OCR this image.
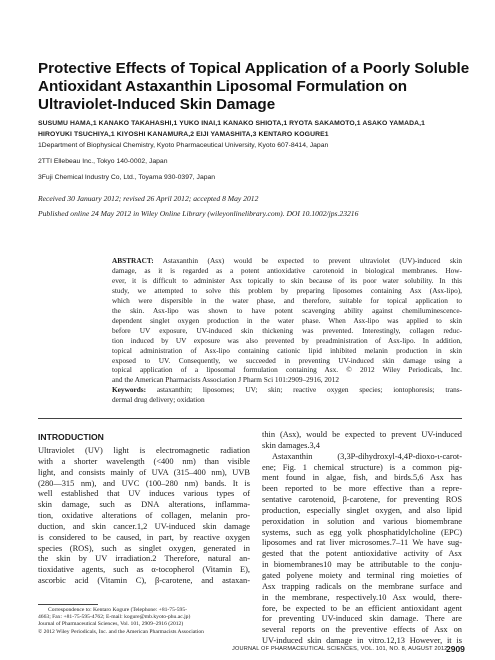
Protective Effects of Topical Application of a Poorly Soluble
Antioxidant Astaxanthin Liposomal Formulation on
Ultraviolet-Induced Skin Damage
SUSUMU HAMA,1 KANAKO TAKAHASHI,1 YUKO INAI,1 KANAKO SHIOTA,1 RYOTA SAKAMOTO,1 ASAKO YAMADA,1
HIROYUKI TSUCHIYA,1 KIYOSHI KANAMURA,2 EIJI YAMASHITA,3 KENTARO KOGURE1
1Department of Biophysical Chemistry, Kyoto Pharmaceutical University, Kyoto 607-8414, Japan
2TTI Ellebeau Inc., Tokyo 140-0002, Japan
3Fuji Chemical Industry Co, Ltd., Toyama 930-0397, Japan
Received 30 January 2012; revised 26 April 2012; accepted 8 May 2012
Published online 24 May 2012 in Wiley Online Library (wileyonlinelibrary.com). DOI 10.1002/jps.23216
ABSTRACT: Astaxanthin (Asx) would be expected to prevent ultraviolet (UV)-induced skin
damage, as it is regarded as a potent antioxidative carotenoid in biological membranes. How-
ever, it is difficult to administer Asx topically to skin because of its poor water solubility. In this
study, we attempted to solve this problem by preparing liposomes containing Asx (Asx-lipo),
which were dispersible in the water phase, and therefore, suitable for topical application to
the skin. Asx-lipo was shown to have potent scavenging ability against chemiluminescence-
dependent singlet oxygen production in the water phase. When Asx-lipo was applied to skin
before UV exposure, UV-induced skin thickening was prevented. Interestingly, collagen reduc-
tion induced by UV exposure was also prevented by preadministration of Asx-lipo. In addition,
topical administration of Asx-lipo containing cationic lipid inhibited melanin production in skin
exposed to UV. Consequently, we succeeded in preventing UV-induced skin damage using a
topical application of a liposomal formulation containing Asx. © 2012 Wiley Periodicals, Inc.
and the American Pharmacists Association J Pharm Sci 101:2909–2916, 2012
Keywords: astaxanthin; liposomes; UV; skin; reactive oxygen species; iontophoresis; trans-
dermal drug delivery; oxidation
INTRODUCTION
Ultraviolet (UV) light is electromagnetic radiation
with a shorter wavelength (<400 nm) than visible
light, and consists mainly of UVA (315–400 nm), UVB
(280—315 nm), and UVC (100–280 nm) bands. It is
well established that UV induces various types of
skin damage, such as DNA alterations, inflamma-
tion, oxidative alterations of collagen, melanin pro-
duction, and skin cancer.1,2 UV-induced skin damage
is considered to be caused, in part, by reactive oxygen
species (ROS), such as singlet oxygen, generated in
the skin by UV irradiation.2 Therefore, natural an-
tioxidative agents, such as α-tocopherol (Vitamin E),
ascorbic acid (Vitamin C), β-carotene, and astaxan-
thin (Asx), would be expected to prevent UV-induced
skin damages.3,4
Astaxanthin (3,3P-dihydroxyl-4,4P-dioxo-ι-carot-
ene; Fig. 1 chemical structure) is a common pig-
ment found in algae, fish, and birds.5,6 Asx has
been reported to be more effective than a repre-
sentative carotenoid, β-carotene, for preventing ROS
production, especially singlet oxygen, and also lipid
peroxidation in solution and various biomembrane
systems, such as egg yolk phosphatidylcholine (EPC)
liposomes and rat liver microsomes.7–11 We have sug-
gested that the potent antioxidative activity of Asx
in biomembranes10 may be attributable to the conju-
gated polyene moiety and terminal ring moieties of
Asx trapping radicals on the membrane surface and
in the membrane, respectively.10 Asx would, there-
fore, be expected to be an efficient antioxidant agent
for preventing UV-induced skin damage. There are
several reports on the preventive effects of Asx on
UV-induced skin damage in vitro.12,13 However, it is
Correspondence to: Kentaro Kogure (Telephone: +81-75-595-
4663; Fax: +81-75-595-4762; E-mail: kogure@mb.kyoto-phu.ac.jp)
Journal of Pharmaceutical Sciences, Vol. 101, 2909–2916 (2012)
© 2012 Wiley Periodicals, Inc. and the American Pharmacists Association
JOURNAL OF PHARMACEUTICAL SCIENCES, VOL. 101, NO. 8, AUGUST 2012
2909
